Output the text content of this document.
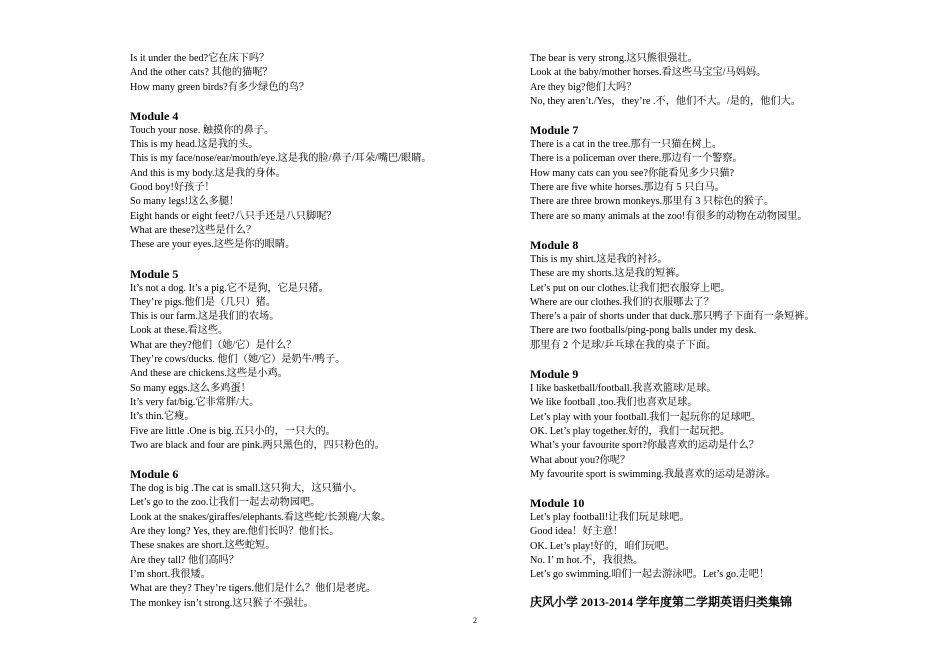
Is it under the bed?它在床下吗？
And the other cats? 其他的猫呢？
How many green birds?有多少绿色的鸟？
Module 4
Touch your nose. 触摸你的鼻子。
This is my head.这是我的头。
This is my face/nose/ear/mouth/eye.这是我的脸/鼻子/耳朵/嘴巴/眼睛。
And this is my body.这是我的身体。
Good boy!好孩子！
So many legs!这么多腿！
Eight hands or eight feet?八只手还是八只脚呢？
What are these?这些是什么？
These are your eyes.这些是你的眼睛。
Module 5
It’s not a dog. It’s a pig.它不是狗，它是只猪。
They’re pigs.他们是（几只）猪。
This is our farm.这是我们的农场。
Look at these.看这些。
What are they?他们（她/它）是什么？
They’re cows/ducks. 他们（她/它）是奶牛/鸭子。
And these are chickens.这些是小鸡。
So many eggs.这么多鸡蛋！
It’s very fat/big.它非常胖/大。
It’s thin.它瘦。
Five are little .One is big.五只小的，一只大的。
Two are black and four are pink.两只黑色的，四只粉色的。
Module 6
The dog is big .The cat is small.这只狗大，这只猫小。
Let’s go to the zoo.让我们一起去动物园吧。
Look at the snakes/giraffes/elephants.看这些蛇/长颈鹿/大象。
Are they long? Yes, they are.他们长吗？他们长。
These snakes are short.这些蛇短。
Are they tall? 他们高吗？
I’m short.我很矮。
What are they? They’re tigers.他们是什么？他们是老虎。
The monkey isn’t strong.这只猴子不强壮。
The bear is very strong.这只熊很强壮。
Look at the baby/mother horses.看这些马宝宝/马妈妈。
Are they big?他们大吗？
No, they aren’t./Yes，they’re .不，他们不大。/是的，他们大。
Module 7
There is a cat in the tree.那有一只猫在树上。
There is a policeman over there.那边有一个警察。
How many cats can you see?你能看见多少只猫?
There are five white horses.那边有 5 只白马。
There are three brown monkeys.那里有 3 只棕色的猴子。
There are so many animals at the zoo!有很多的动物在动物园里。
Module 8
This is my shirt.这是我的衬衫。
These are my shorts.这是我的短裤。
Let’s put on our clothes.让我们把衣服穿上吧。
Where are our clothes.我们的衣服哪去了？
There’s a pair of shorts under that duck.那只鸭子下面有一条短裤。
There are two footballs/ping-pong balls under my desk.
那里有 2 个足球/乒乓球在我的桌子下面。
Module 9
I like basketball/football.我喜欢篮球/足球。
We like football ,too.我们也喜欢足球。
Let’s play with your football.我们一起玩你的足球吧。
OK. Let’s play together.好的，我们一起玩把。
What’s your favourite sport?你最喜欢的运动是什么？
What about you?你呢？
My favourite sport is swimming.我最喜欢的运动是游泳。
Module 10
Let’s play football!让我们玩足球吧。
Good idea！好主意！
OK. Let’s play!好的，咱们玩吧。
No. I’ m hot.不，我很热。
Let’s go swimming.咱们一起去游泳吧。Let’s go.走吧！
庆风小学 2013-2014 学年度第二学期英语归类集锦
2
